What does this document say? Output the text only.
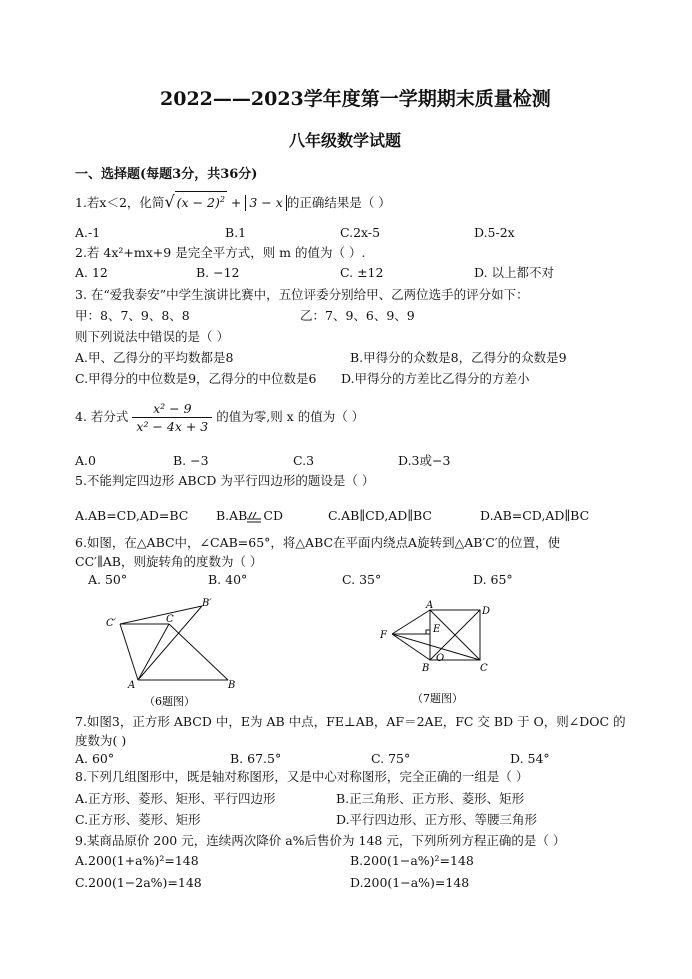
2022——2023学年度第一学期期末质量检测
八年级数学试题
一、选择题(每题3分，共36分)
1.若x＜2，化简√ $(x - 2)^2 + 3 - x$ 的正确结果是（ ）
A.-1	B.1	C.2x-5	D.5-2x
2.若 4x²+mx+9 是完全平方式，则 m 的值为（ ）.
A. 12	B. −12	C. ±12	D. 以上都不对
3. 在“爱我泰安”中学生演讲比赛中，五位评委分别给甲、乙两位选手的评分如下：
甲：8、7、9、8、8	乙：7、9、6、9、9
则下列说法中错误的是（ ）
A.甲、乙得分的平均数都是8	B.甲得分的众数是8，乙得分的众数是9
C.甲得分的中位数是9，乙得分的中位数是6 D.甲得分的方差比乙得分的方差小
4. 若分式 $\frac{\text{x² − 9}}{\text{x² − 4x + 3}}$ 的值为零,则 x 的值为（ ）
A.0	B. −3	C.3	D.3或−3
5.不能判定四边形 ABCD 为平行四边形的题设是（ ）
A.AB=CD,AD=BC B.AB CD	C.AB∥CD,AD∥BC	D.AB=CD,AD∥BC
6.如图，在△ABC中，∠CAB=65°，将△ABC在平面内绕点A旋转到△AB′C′的位置，使
CC′∥AB，则旋转角的度数为（ ）
A. 50°	B. 40°	C. 35°	D. 65°
C′
B′
C
A	B
（6题图）
A
D
F
E
B
O
C
（7题图）
7.如图3，正方形 ABCD 中，E为 AB 中点，FE⊥AB，AF＝2AE，FC 交 BD 于 O，则∠DOC 的
度数为( )
A. 60°	B. 67.5°	C. 75°	D. 54°
8.下列几组图形中，既是轴对称图形，又是中心对称图形，完全正确的一组是（ ）
A.正方形、菱形、矩形、平行四边形	B.正三角形、正方形、菱形、矩形
C.正方形、菱形、矩形	D.平行四边形、正方形、等腰三角形
9.某商品原价 200 元，连续两次降价 a%后售价为 148 元，下列所列方程正确的是（ ）
A.200(1+a%)²=148	B.200(1−a%)²=148
C.200(1−2a%)=148	D.200(1−a%)=148
